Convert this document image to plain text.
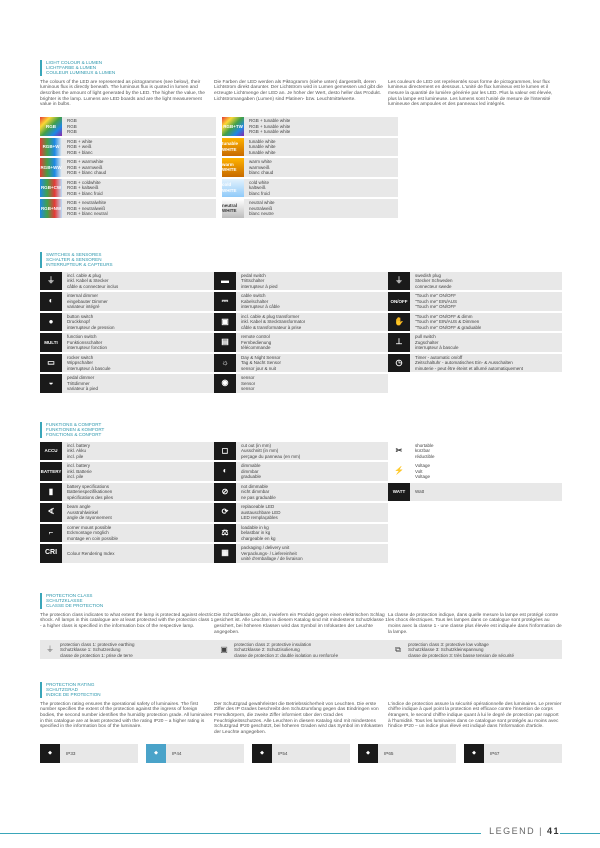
LIGHT COLOUR & LUMEN
LICHTFARBE & LUMEN
COULEUR LUMINEUX & LUMEN

The colours of the LED are represented as pictogrammes (see below), their luminous flux is directly beneath. The luminous flux is quoted in lumen and describes the amount of light generated by the LED. The higher the value, the brighter is the lamp. Lumens are LED boards and are the light measurement value in bulbs.

Die Farben der LED werden als Piktogramm (siehe unten) dargestellt, deren Lichtstrom direkt darunter. Der Lichtstrom wird in Lumen gemessen und gibt die erzeugte Lichtmenge der LED an. Je höher der Wert, desto heller das Produkt. Lichtstromangaben (Lumen) sind Platinen- bzw. Leuchtmittelwerte.

Les couleurs de LED ont représentés sous forme de pictogrammes, leur flux lumineux directement en dessous. L'unité de flux lumineux est le lumen et il mesure la quantité de lumière générée par les LED. Plus la valeur est élevée, plus la lampe est lumineuse. Les lumens sont l'unité de mesure de l'intensité lumineuse des ampoules et des panneaux led intégrés.

RGB
RGB
RGB
RGB
RGB+W
RGB + white
RGB + weiß
RGB + blanc
RGB+WW
RGB + warmwhite
RGB + warmweiß
RGB + blanc chaud
RGB+CW
RGB + coldwhite
RGB + kaltweiß
RGB + blanc froid
RGB+NW
RGB + neutralwhite
RGB + neutralweiß
RGB + blanc neutral
RGB+TW
RGB + tunable white
RGB + tunable white
RGB + tunable white
tunable WHITE
tunable white
tunable white
tunable white
warm WHITE
warm white
warmweiß
blanc chaud
cold WHITE
cold white
kaltweiß
blanc froid
neutral WHITE
neutral white
neutralweiß
blanc neutre
SWITCHES & SENSORES
SCHALTER & SENSOREN
INTERRUPTEUR & CAPTEURS
⏚
incl. cable & plug
inkl. Kabel & Stecker
câble & connecteur inclus
◐
internal dimmer
eingebauter Dimmer
variateur intégré
●
button switch
Druckknopf
interrupteur de pression
MULTI
function switch
Funktionsschalter
interrupteur fonction
▭
rocker switch
Wippschalter
interrupteur à bascule
◒
pedal dimmer
Trittdimmer
variateur à pied
▬
pedal switch
Trittschalter
interrupteur à pied
⎓
cable switch
Kabelschalter
interrupteur à câble
▣
incl. cable & plug transformer
inkl. Kabel & Stecktransformator
câble & transformateur à prise
▤
remote control
Fernbedienung
télécommande
☼
Day & Night Sensor
Tag & Nacht Sensor
sensor jour & nuit
◉
sensor
Sensor
sensor
⏚
swedish plug
Stecker Schweden
connecteur swede
ON/OFF
"Touch me" ON/OFF
"Touch me" EIN/AUS
"Touch me" ON/OFF
✋
"Touch me" ON/OFF & dimm
"Touch me" EIN/AUS & Dimmen
"Touch me" ON/OFF & graduable
⊥
pull switch
Zugschalter
interrupteur à bascule
◷
Timer - automatic on/off
Zeitschaltuhr - automatisches Ein- & Ausschalten
minuterie - peut être éteint et allumé automatiquement
FUNKTIONS & COMFORT
FUNKTIONEN & KOMFORT
FONCTIONS & CONFORT
ACCU
incl. battery
inkl. Akku
incl. pile
BATTERY
incl. battery
inkl. Batterie
incl. pile
▮
battery specifications
Batteriespezifikationen
spécifications des piles
∢
beam angle
Ausstrahlwinkel
angle de rayonnement
⌐
corner mount possible
Eckmontage möglich
montage en coin possible
CRI	Colour Rendering Index
◻
cut out (in mm)
Ausschnitt (in mm)
perçage du panneau (en mm)
◐
dimmable
dimmbar
graduable
⊘
not dimmable
nicht dimmbar
ne pas graduable
⟳
replaceable LED
austauschbare LED
LED remplaçables
⚖
loadable in kg
belastbar in kg
chargeable en kg
▦
packaging / delivery unit
Verpackungs- / Liefereinheit
unité d'emballage / de livraison
✂
shortable
kürzbar
réductible
⚡
Voltage
Volt
Voltage
WATT	Watt
PROTECTION CLASS
SCHUTZKLASSE
CLASSE DE PROTECTION

The protection class indicates to what extent the lamp is protected against electric shock. All lamps in this catalogue are at least protected with the protection class 1 - a higher class is specified in the information box of the respective lamp.

Die Schutzklasse gibt an, inwiefern ein Produkt gegen einen elektrischen Schlag gesichert ist. Alle Leuchten in diesem Katalog sind mit mindestens Schutzklasse 1 gesichert, bei höheren Klassen wird das Symbol im Infokasten der Leuchte angegeben.

La classe de protection indique, dans quelle mesure la lampe est protégé contre les chocs électriques. Tous les lampes dans ce catalogue sont protégées au moins avec la classe 1 - une classe plus élevée est indiquée dans l'information de la lampe.

⏚
protection class 1: protective earthing
Schutzklasse 1: Schutzerdung
classe de protection 1: prise de terre
▣
protection class 2: protective insulation
Schutzklasse 2: Schutzisolierung
classe de protection 2: double isolation ou renforcée
⧉
protection class 3: protective low voltage
Schutzklasse 3: Schutzkleinspannung
classe de protection 3: très basse tension de sécurité
PROTECTION RATING
SCHUTZGRAD
INDICE DE PROTECTION

The protection rating ensures the operational safety of luminaires. The first number specifies the extent of the protection against the ingress of foreign bodies, the second number identifies the humidity protection grade. All luminaires in this catalogue are at least protected with the rating IP20 – a higher rating is specified in the information box of the luminaire.

Der Schutzgrad gewährleistet die Betriebssicherheit von Leuchten. Die erste Ziffer des IP Grades beschreibt den Schutzumfang gegen das Eindringen von Fremdkörpern, die zweite Ziffer informiert über den Grad des Feuchtigkeitsschutzes. Alle Leuchten in diesem Katalog sind mit mindestens Schutzgrad IP20 geschützt, bei höheren Graden wird das Symbol im Infokasten der Leuchte angegeben.

L'indice de protection assure la sécurité opérationnelle des luminaires. Le premier chiffre indique à quel point la protection est efficace contre l'insertion de corps étrangers, le second chiffre indique quant à lui le degré de protection par rapport à l'humidité. Tous les luminaires dans ce catalogue sont protégés au moins avec l'indice IP20 – un indice plus élevé est indiqué dans l'information d'article.

◆	IP33	◆	IP44	◆	IP54	◆	IP65	◆	IP67
LEGEND | 41
